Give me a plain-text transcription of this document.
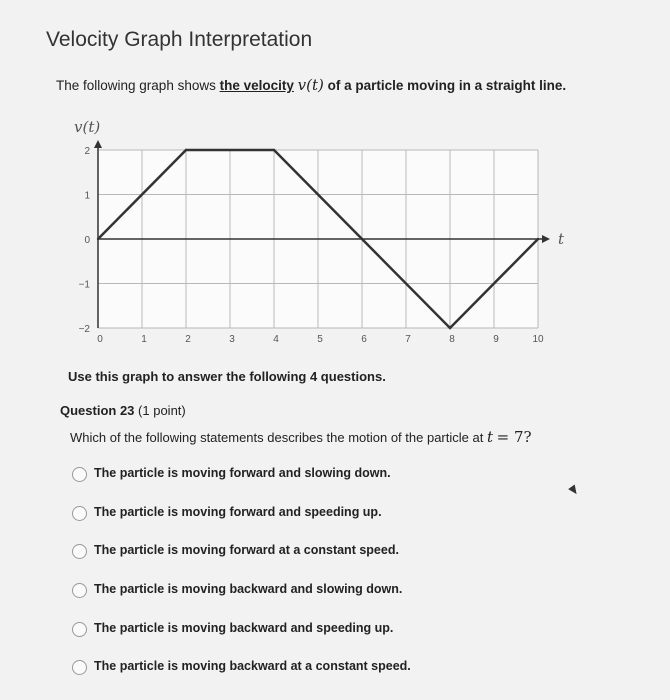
Velocity Graph Interpretation
The following graph shows the velocity v(t) of a particle moving in a straight line.
v(t)
t
2
1
0
−1
−2
0	1	2	3	4	5	6	7	8	9	10
Use this graph to answer the following 4 questions.
Question 23 (1 point)
Which of the following statements describes the motion of the particle at t = 7?
The particle is moving forward and slowing down.
The particle is moving forward and speeding up.
The particle is moving forward at a constant speed.
The particle is moving backward and slowing down.
The particle is moving backward and speeding up.
The particle is moving backward at a constant speed.
